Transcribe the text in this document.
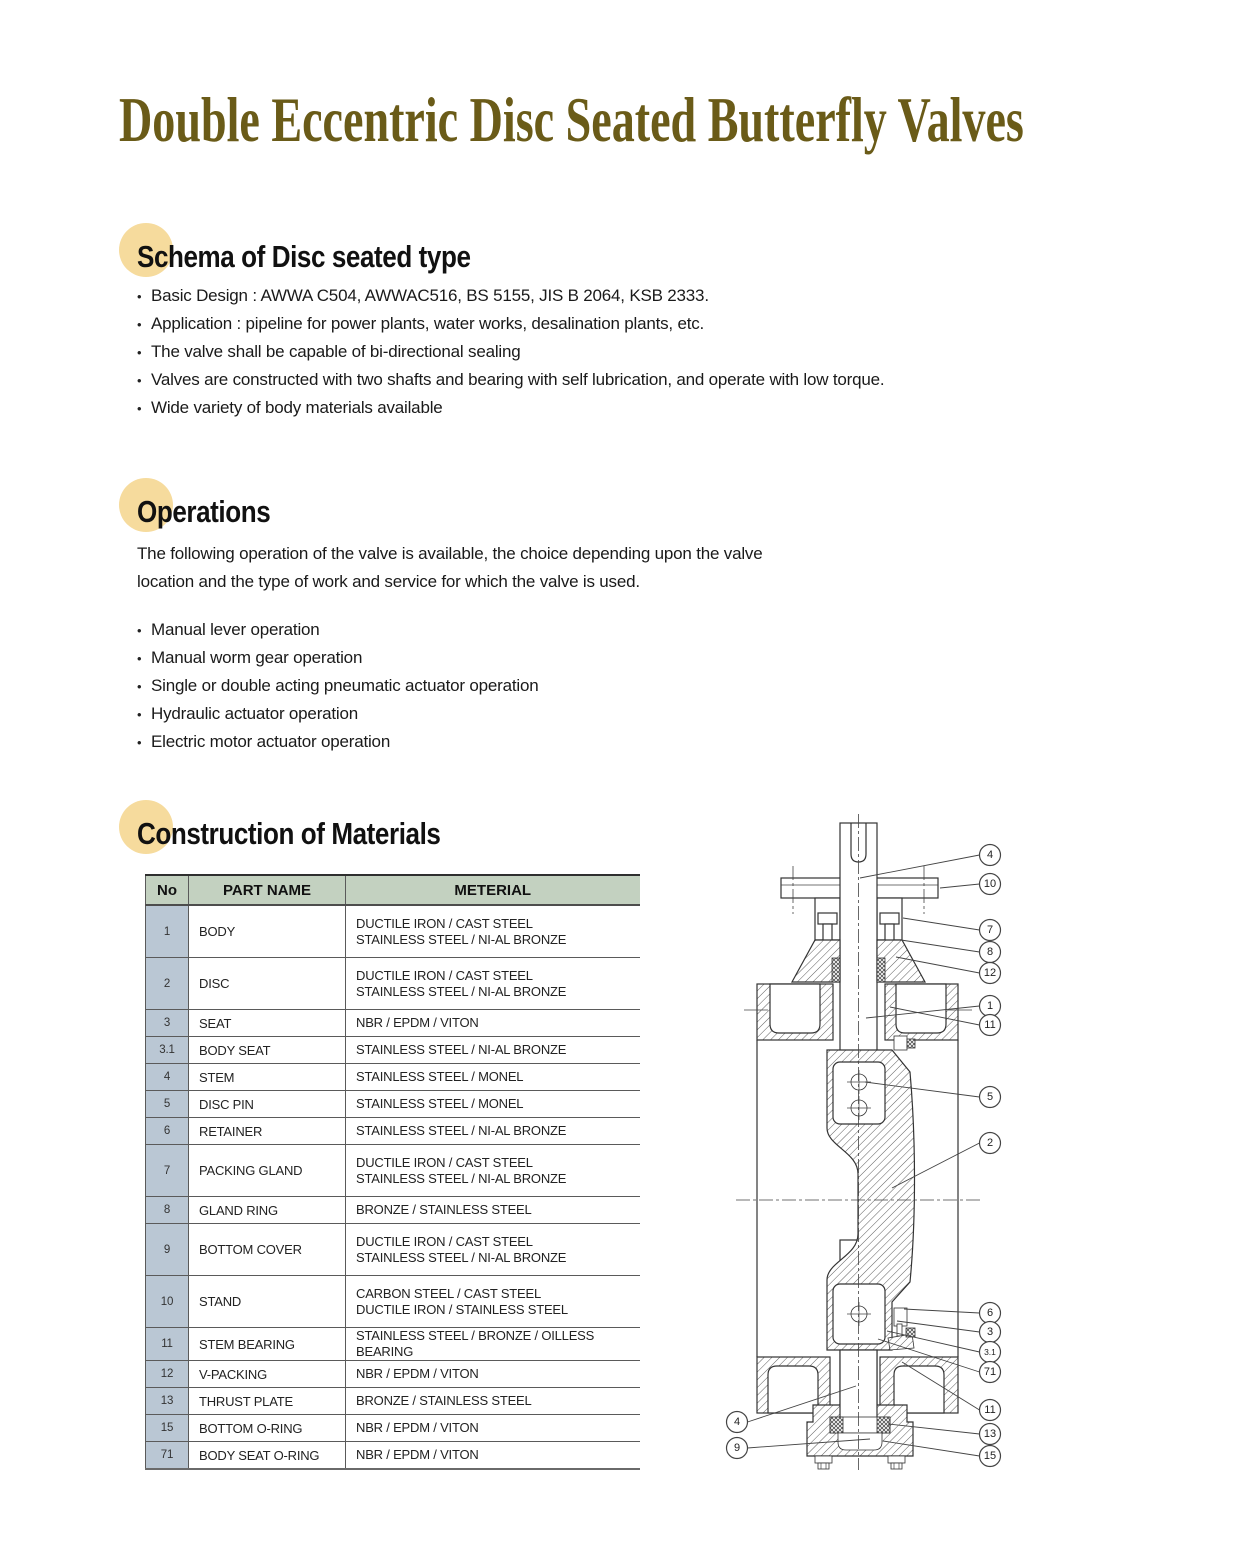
Double Eccentric Disc Seated Butterfly Valves
Schema of Disc seated type
• Basic Design : AWWA C504, AWWAC516, BS 5155, JIS B 2064, KSB 2333.
• Application : pipeline for power plants, water works, desalination plants, etc.
• The valve shall be capable of bi-directional sealing
• Valves are constructed with two shafts and bearing with self lubrication, and operate with low torque.
• Wide variety of body materials available
Operations
The following operation of the valve is available, the choice depending upon the valve
location and the type of work and service for which the valve is used.
• Manual lever operation
• Manual worm gear operation
• Single or double acting pneumatic actuator operation
• Hydraulic actuator operation
• Electric motor actuator operation
Construction of Materials
No	PART NAME	METERIAL
1	BODY	DUCTILE IRON / CAST STEEL
STAINLESS STEEL / NI-AL BRONZE

2	DISC	DUCTILE IRON / CAST STEEL
STAINLESS STEEL / NI-AL BRONZE

3	SEAT	NBR / EPDM / VITON

3.1	BODY SEAT	STAINLESS STEEL / NI-AL BRONZE

4	STEM	STAINLESS STEEL / MONEL

5	DISC PIN	STAINLESS STEEL / MONEL

6	RETAINER	STAINLESS STEEL / NI-AL BRONZE

7	PACKING GLAND	DUCTILE IRON / CAST STEEL
STAINLESS STEEL / NI-AL BRONZE

8	GLAND RING	BRONZE / STAINLESS STEEL

9	BOTTOM COVER	DUCTILE IRON / CAST STEEL
STAINLESS STEEL / NI-AL BRONZE

10	STAND	CARBON STEEL / CAST STEEL
DUCTILE IRON / STAINLESS STEEL

11	STEM BEARING	STAINLESS STEEL / BRONZE / OILLESS BEARING

12	V-PACKING	NBR / EPDM / VITON

13	THRUST PLATE	BRONZE / STAINLESS STEEL

15	BOTTOM O-RING	NBR / EPDM / VITON

71	BODY SEAT O-RING	NBR / EPDM / VITON
4
10
7
8
12
1
11
5
2
6
3
3.1
71
11
13
15
4
9
